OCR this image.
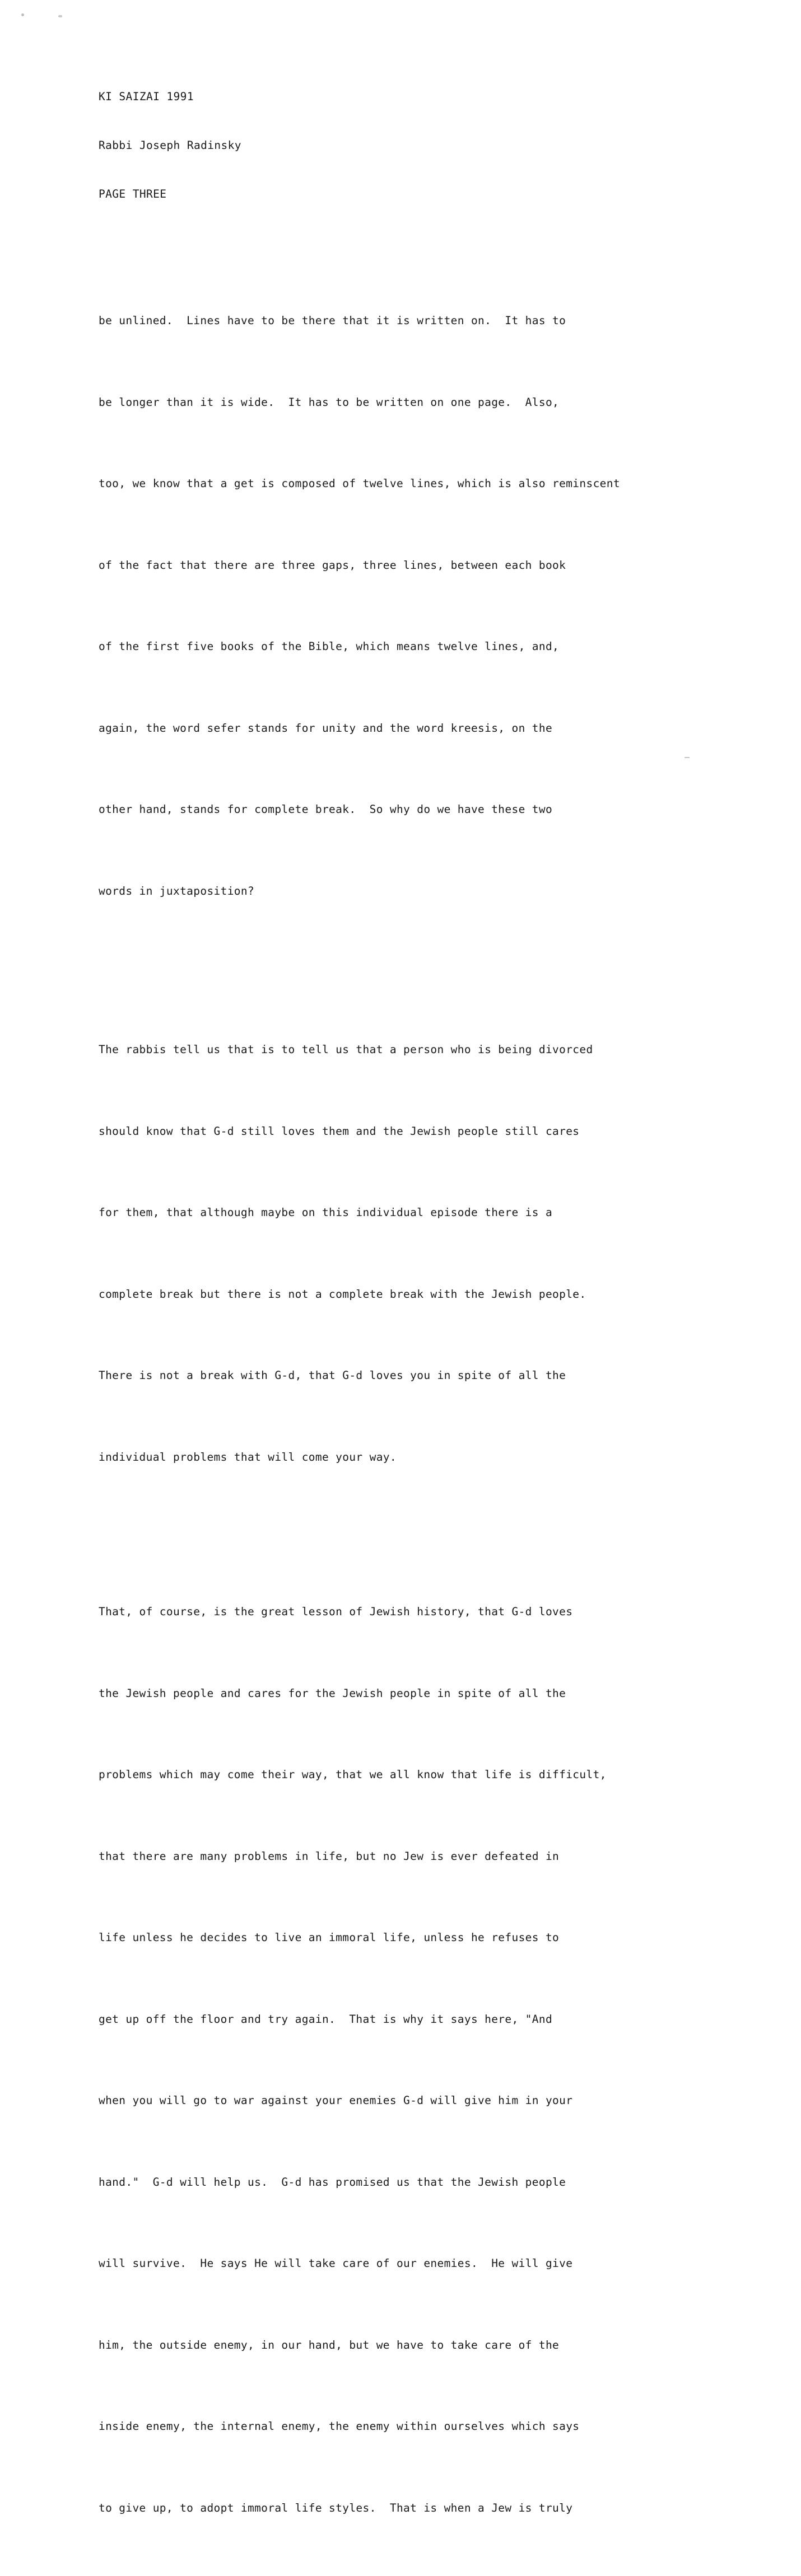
KI SAIZAI 1991

Rabbi Joseph Radinsky

PAGE THREE

be unlined.  Lines have to be there that it is written on.  It has to

be longer than it is wide.  It has to be written on one page.  Also,

too, we know that a get is composed of twelve lines, which is also reminscent

of the fact that there are three gaps, three lines, between each book

of the first five books of the Bible, which means twelve lines, and,

again, the word sefer stands for unity and the word kreesis, on the

other hand, stands for complete break.  So why do we have these two

words in juxtaposition?

The rabbis tell us that is to tell us that a person who is being divorced

should know that G-d still loves them and the Jewish people still cares

for them, that although maybe on this individual episode there is a

complete break but there is not a complete break with the Jewish people.

There is not a break with G-d, that G-d loves you in spite of all the

individual problems that will come your way.

That, of course, is the great lesson of Jewish history, that G-d loves

the Jewish people and cares for the Jewish people in spite of all the

problems which may come their way, that we all know that life is difficult,

that there are many problems in life, but no Jew is ever defeated in

life unless he decides to live an immoral life, unless he refuses to

get up off the floor and try again.  That is why it says here, "And

when you will go to war against your enemies G-d will give him in your

hand."  G-d will help us.  G-d has promised us that the Jewish people

will survive.  He says He will take care of our enemies.  He will give

him, the outside enemy, in our hand, but we have to take care of the

inside enemy, the internal enemy, the enemy within ourselves which says

to give up, to adopt immoral life styles.  That is when a Jew is truly
